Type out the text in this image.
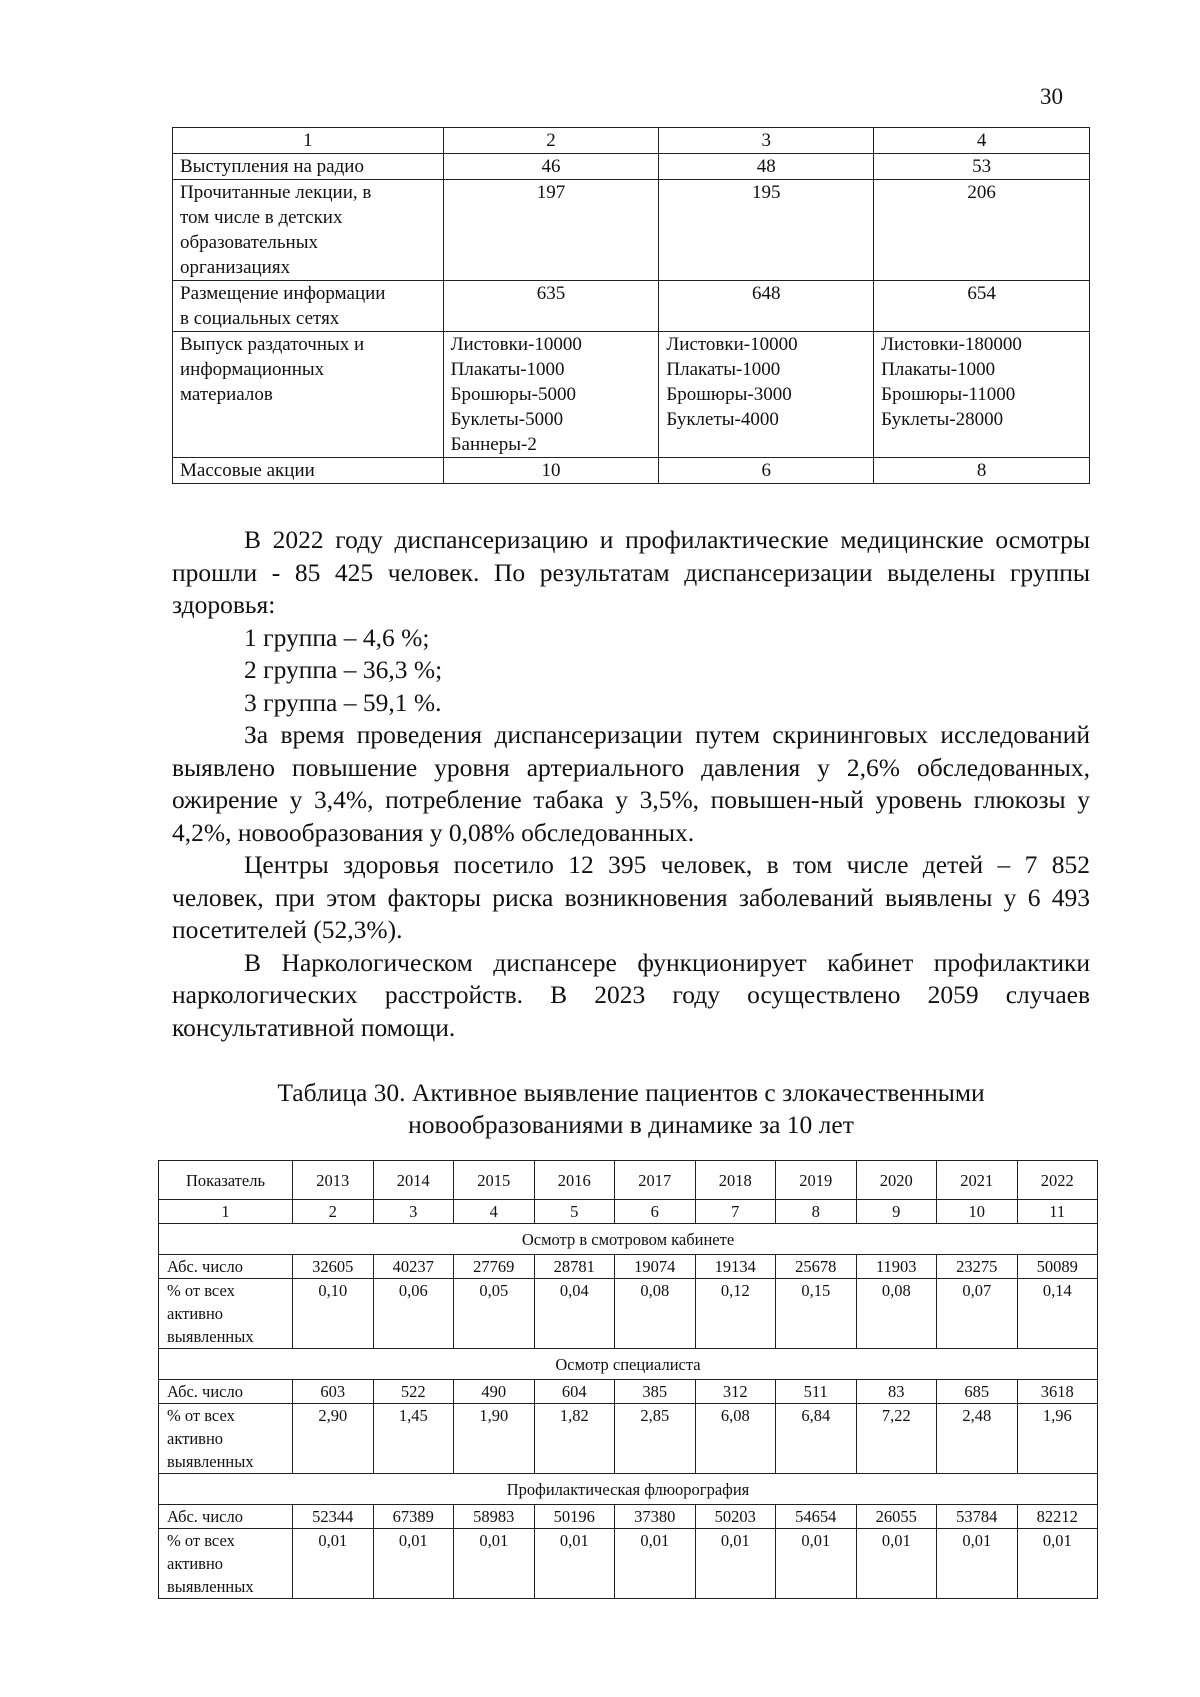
30
1	2	3	4

Выступления на радио	46	48	53

Прочитанные лекции, в
том числе в детских
образовательных
организациях	197	195	206

Размещение информации
в социальных сетях	635	648	654

Выпуск раздаточных и
информационных
материалов	Листовки-10000
Плакаты-1000
Брошюры-5000
Буклеты-5000
Баннеры-2	Листовки-10000
Плакаты-1000
Брошюры-3000
Буклеты-4000	Листовки-180000
Плакаты-1000
Брошюры-11000
Буклеты-28000

Массовые акции	10	6	8

В 2022 году диспансеризацию и профилактические медицинские осмотры прошли - 85 425 человек. По результатам диспансеризации выделены группы здоровья:

1 группа – 4,6 %;

2 группа – 36,3 %;

3 группа – 59,1 %.

За время проведения диспансеризации путем скрининговых исследований выявлено повышение уровня артериального давления у 2,6% обследованных, ожирение у 3,4%, потребление табака у 3,5%, повышен-ный уровень глюкозы у 4,2%, новообразования у 0,08% обследованных.

Центры здоровья посетило 12 395 человек, в том числе детей – 7 852 человек, при этом факторы риска возникновения заболеваний выявлены у 6 493 посетителей (52,3%).

В Наркологическом диспансере функционирует кабинет профилактики наркологических расстройств. В 2023 году осуществлено 2059 случаев консультативной помощи.

Таблица 30. Активное выявление пациентов с злокачественными
новообразованиями в динамике за 10 лет
Показатель	2013	2014	2015	2016	2017	2018	2019	2020	2021	2022
1	2	3	4	5	6	7	8	9	10	11
Осмотр в смотровом кабинете										
Абс. число	32605	40237	27769	28781	19074	19134	25678	11903	23275	50089

% от всех
активно
выявленных	0,10	0,06	0,05	0,04	0,08	0,12	0,15	0,08	0,07	0,14
Осмотр специалиста										
Абс. число	603	522	490	604	385	312	511	83	685	3618

% от всех
активно
выявленных	2,90	1,45	1,90	1,82	2,85	6,08	6,84	7,22	2,48	1,96
Профилактическая флюорография										
Абс. число	52344	67389	58983	50196	37380	50203	54654	26055	53784	82212

% от всех
активно
выявленных	0,01	0,01	0,01	0,01	0,01	0,01	0,01	0,01	0,01	0,01
